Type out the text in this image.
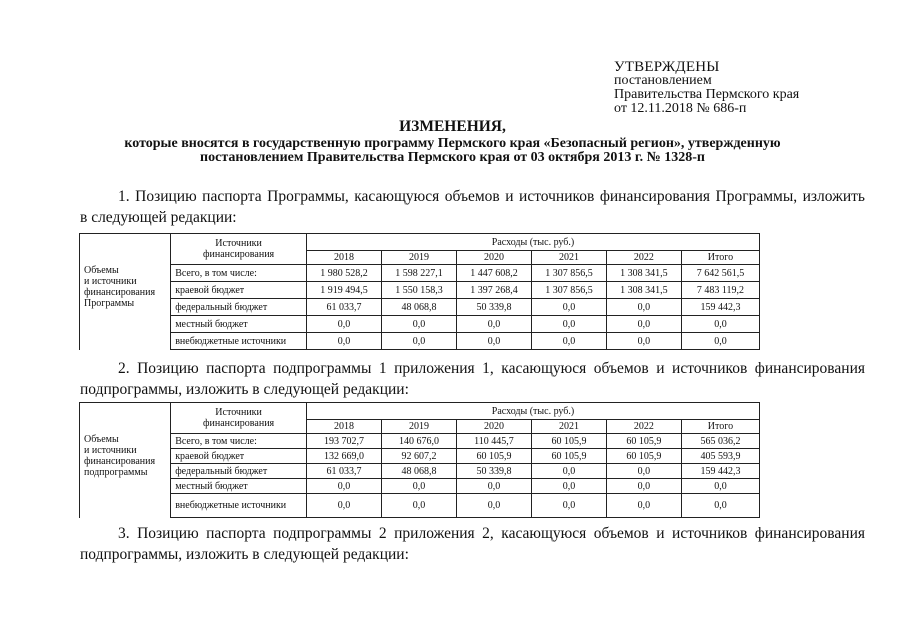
УТВЕРЖДЕНЫ
постановлением
Правительства Пермского края
от 12.11.2018 № 686-п
ИЗМЕНЕНИЯ,
которые вносятся в государственную программу Пермского края «Безопасный регион», утвержденную
постановлением Правительства Пермского края от 03 октября 2013 г. № 1328-п
1. Позицию паспорта Программы, касающуюся объемов и источников финансирования Программы, изложить
в следующей редакции:

	Источники
финансирования	Расходы (тыс. руб.)					
		2018	2019	2020	2021	2022	Итого

Объемы
и источники
финансирования
Программы	Всего, в том числе:	1 980 528,2	1 598 227,1	1 447 608,2	1 307 856,5	1 308 341,5	7 642 561,5
	краевой бюджет	1 919 494,5	1 550 158,3	1 397 268,4	1 307 856,5	1 308 341,5	7 483 119,2
	федеральный бюджет	61 033,7	48 068,8	50 339,8	0,0	0,0	159 442,3
	местный бюджет	0,0	0,0	0,0	0,0	0,0	0,0
	внебюджетные источники	0,0	0,0	0,0	0,0	0,0	0,0
2. Позицию паспорта подпрограммы 1 приложения 1, касающуюся объемов и источников финансирования
подпрограммы, изложить в следующей редакции:

	Источники
финансирования	Расходы (тыс. руб.)					
		2018	2019	2020	2021	2022	Итого

Объемы
и источники
финансирования
подпрограммы	Всего, в том числе:	193 702,7	140 676,0	110 445,7	60 105,9	60 105,9	565 036,2
	краевой бюджет	132 669,0	92 607,2	60 105,9	60 105,9	60 105,9	405 593,9
	федеральный бюджет	61 033,7	48 068,8	50 339,8	0,0	0,0	159 442,3
	местный бюджет	0,0	0,0	0,0	0,0	0,0	0,0
	внебюджетные источники	0,0	0,0	0,0	0,0	0,0	0,0
3. Позицию паспорта подпрограммы 2 приложения 2, касающуюся объемов и источников финансирования
подпрограммы, изложить в следующей редакции:
